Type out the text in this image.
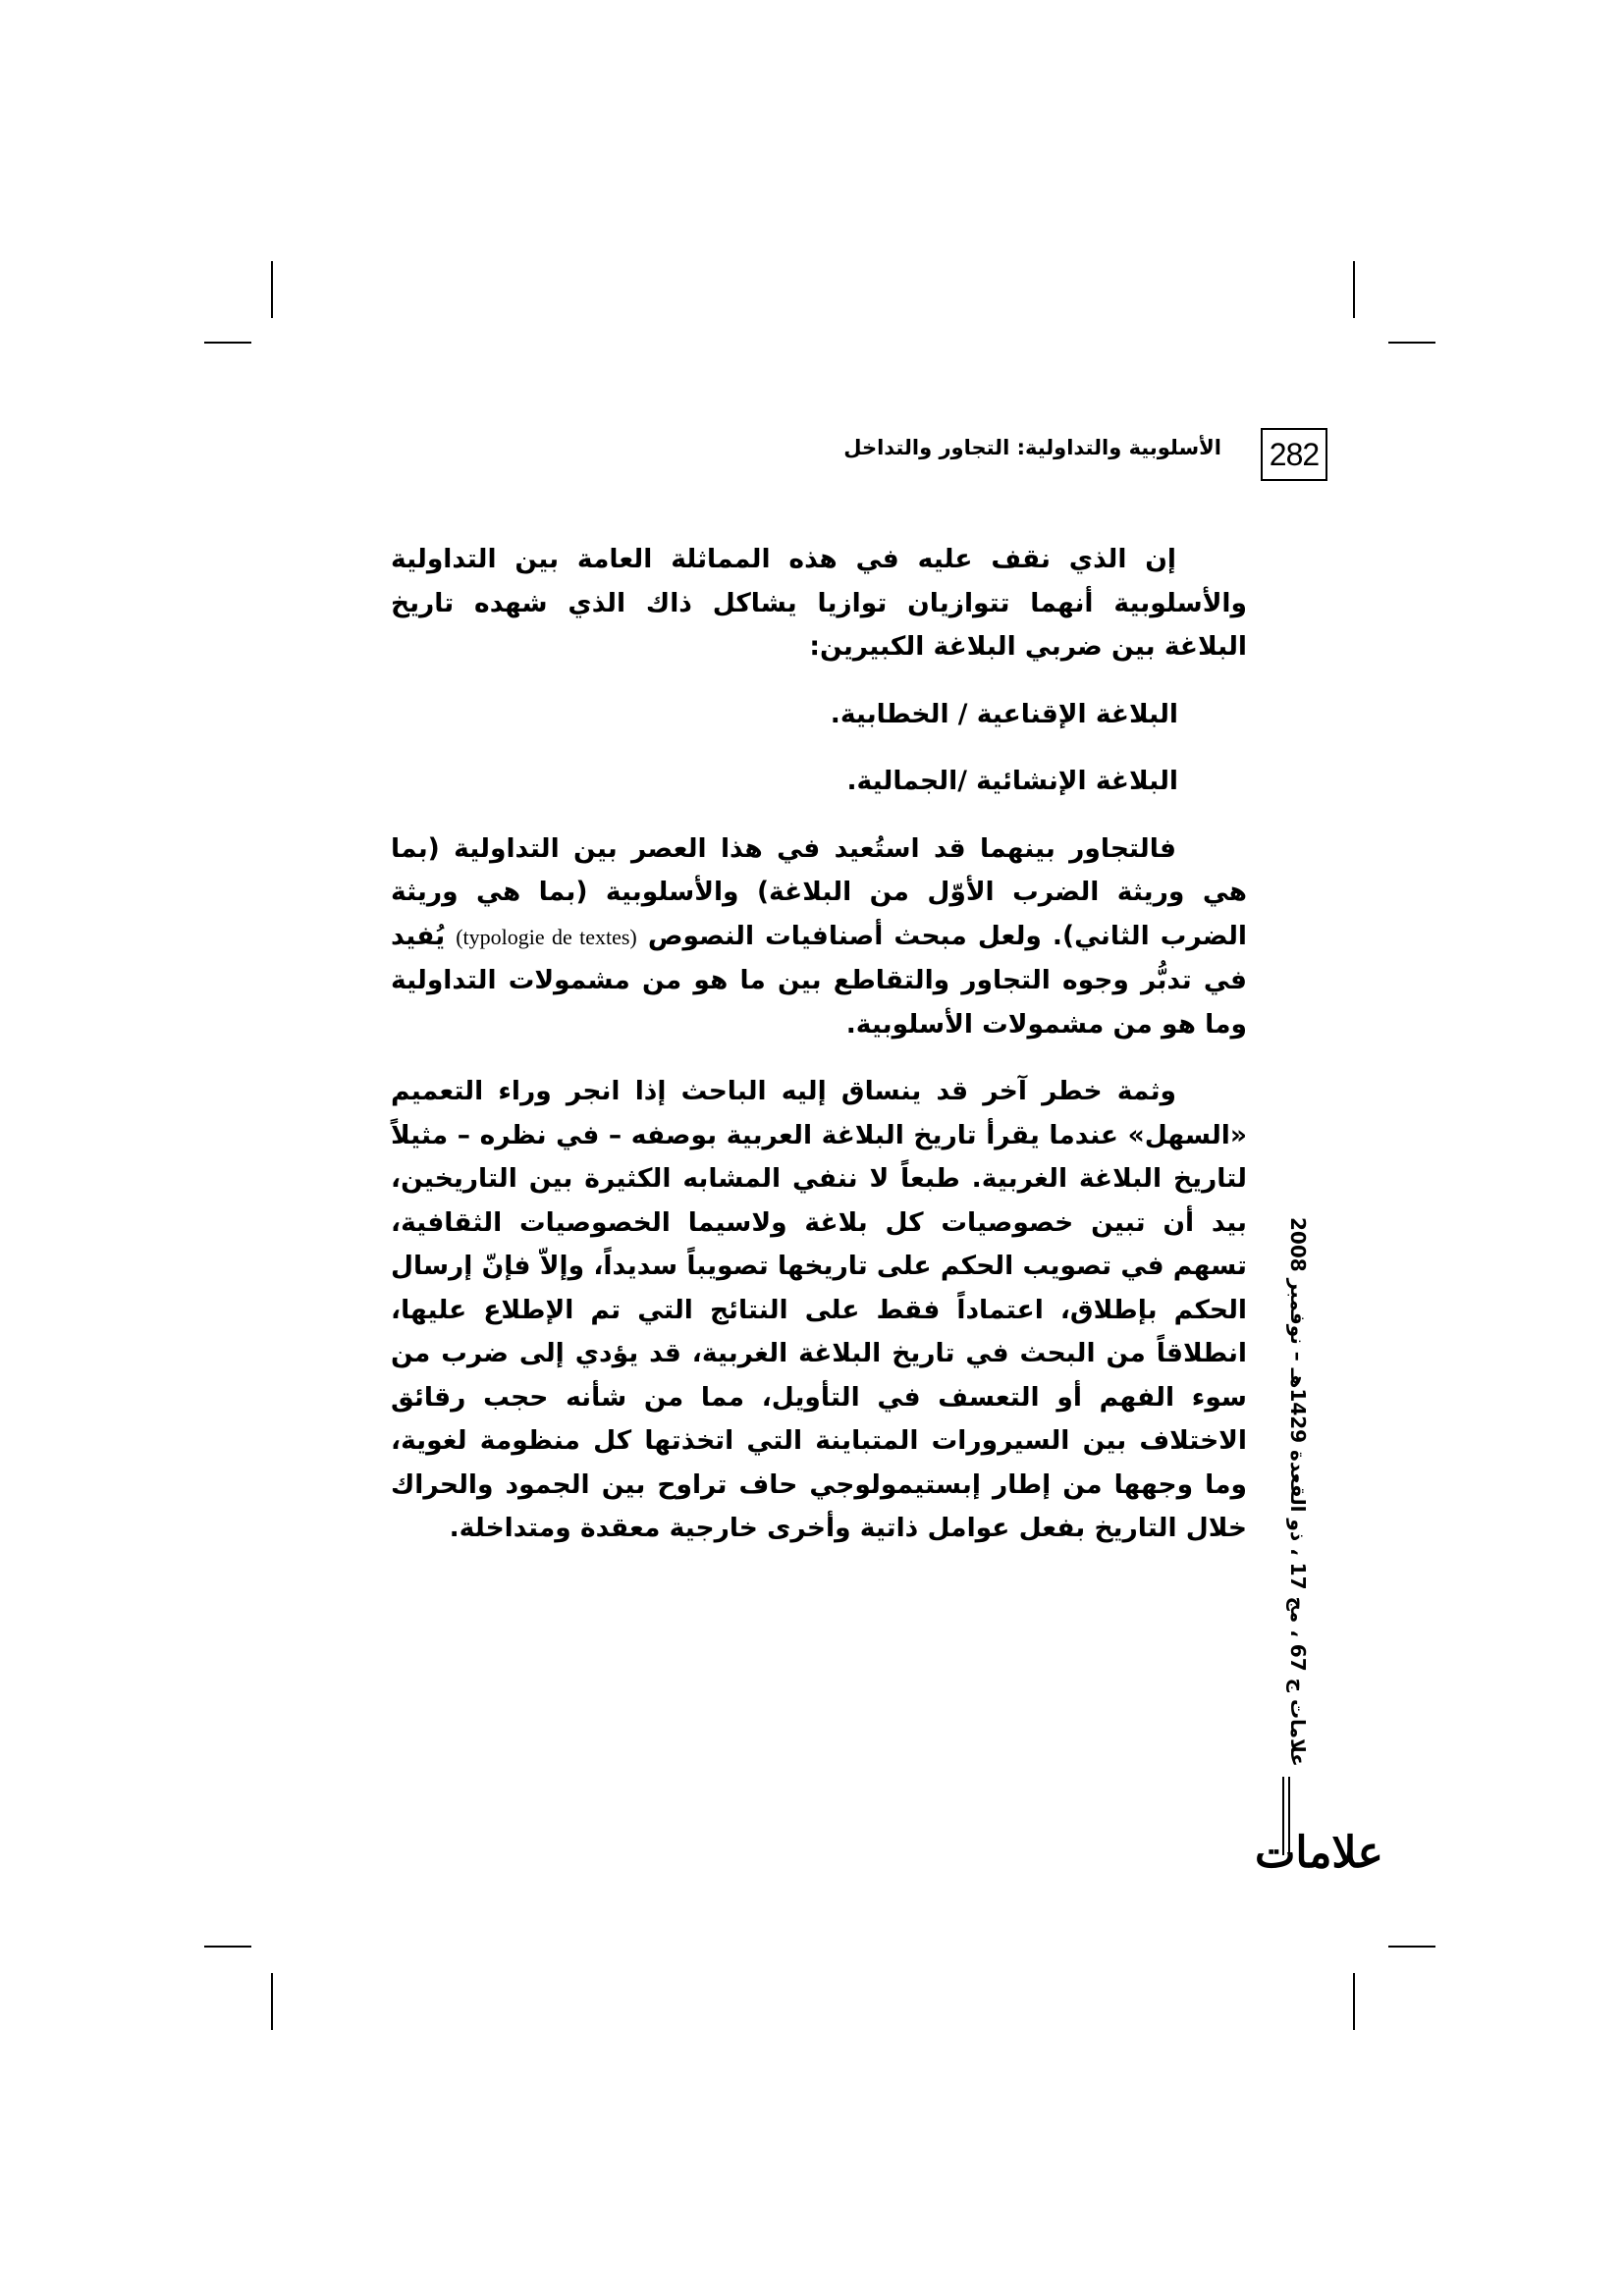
282
الأسلوبية والتداولية: التجاور والتداخل

إن الذي نقف عليه في هذه المماثلة العامة بين التداولية والأسلوبية أنهما تتوازيان توازيا يشاكل ذاك الذي شهده تاريخ البلاغة بين ضربي البلاغة الكبيرين:

البلاغة الإقناعية / الخطابية.

البلاغة الإنشائية /الجمالية.

فالتجاور بينهما قد استُعيد في هذا العصر بين التداولية (بما هي وريثة الضرب الأوّل من البلاغة) والأسلوبية (بما هي وريثة الضرب الثاني). ولعل مبحث أصنافيات النصوص (typologie de textes) يُفيد في تدبُّر وجوه التجاور والتقاطع بين ما هو من مشمولات التداولية وما هو من مشمولات الأسلوبية.

وثمة خطر آخر قد ينساق إليه الباحث إذا انجر وراء التعميم «السهل» عندما يقرأ تاريخ البلاغة العربية بوصفه – في نظره – مثيلاً لتاريخ البلاغة الغربية. طبعاً لا ننفي المشابه الكثيرة بين التاريخين، بيد أن تبين خصوصيات كل بلاغة ولاسيما الخصوصيات الثقافية، تسهم في تصويب الحكم على تاريخها تصويباً سديداً، وإلاّ فإنّ إرسال الحكم بإطلاق، اعتماداً فقط على النتائج التي تم الإطلاع عليها، انطلاقاً من البحث في تاريخ البلاغة الغربية، قد يؤدي إلى ضرب من سوء الفهم أو التعسف في التأويل، مما من شأنه حجب رقائق الاختلاف بين السيرورات المتباينة التي اتخذتها كل منظومة لغوية، وما وجهها من إطار إبستيمولوجي حاف تراوح بين الجمود والحراك خلال التاريخ بفعل عوامل ذاتية وأخرى خارجية معقدة ومتداخلة.

علامات ج 67 ، مج 17 ، ذو القعدة 1429هـ – نوفمبر 2008
علامات
